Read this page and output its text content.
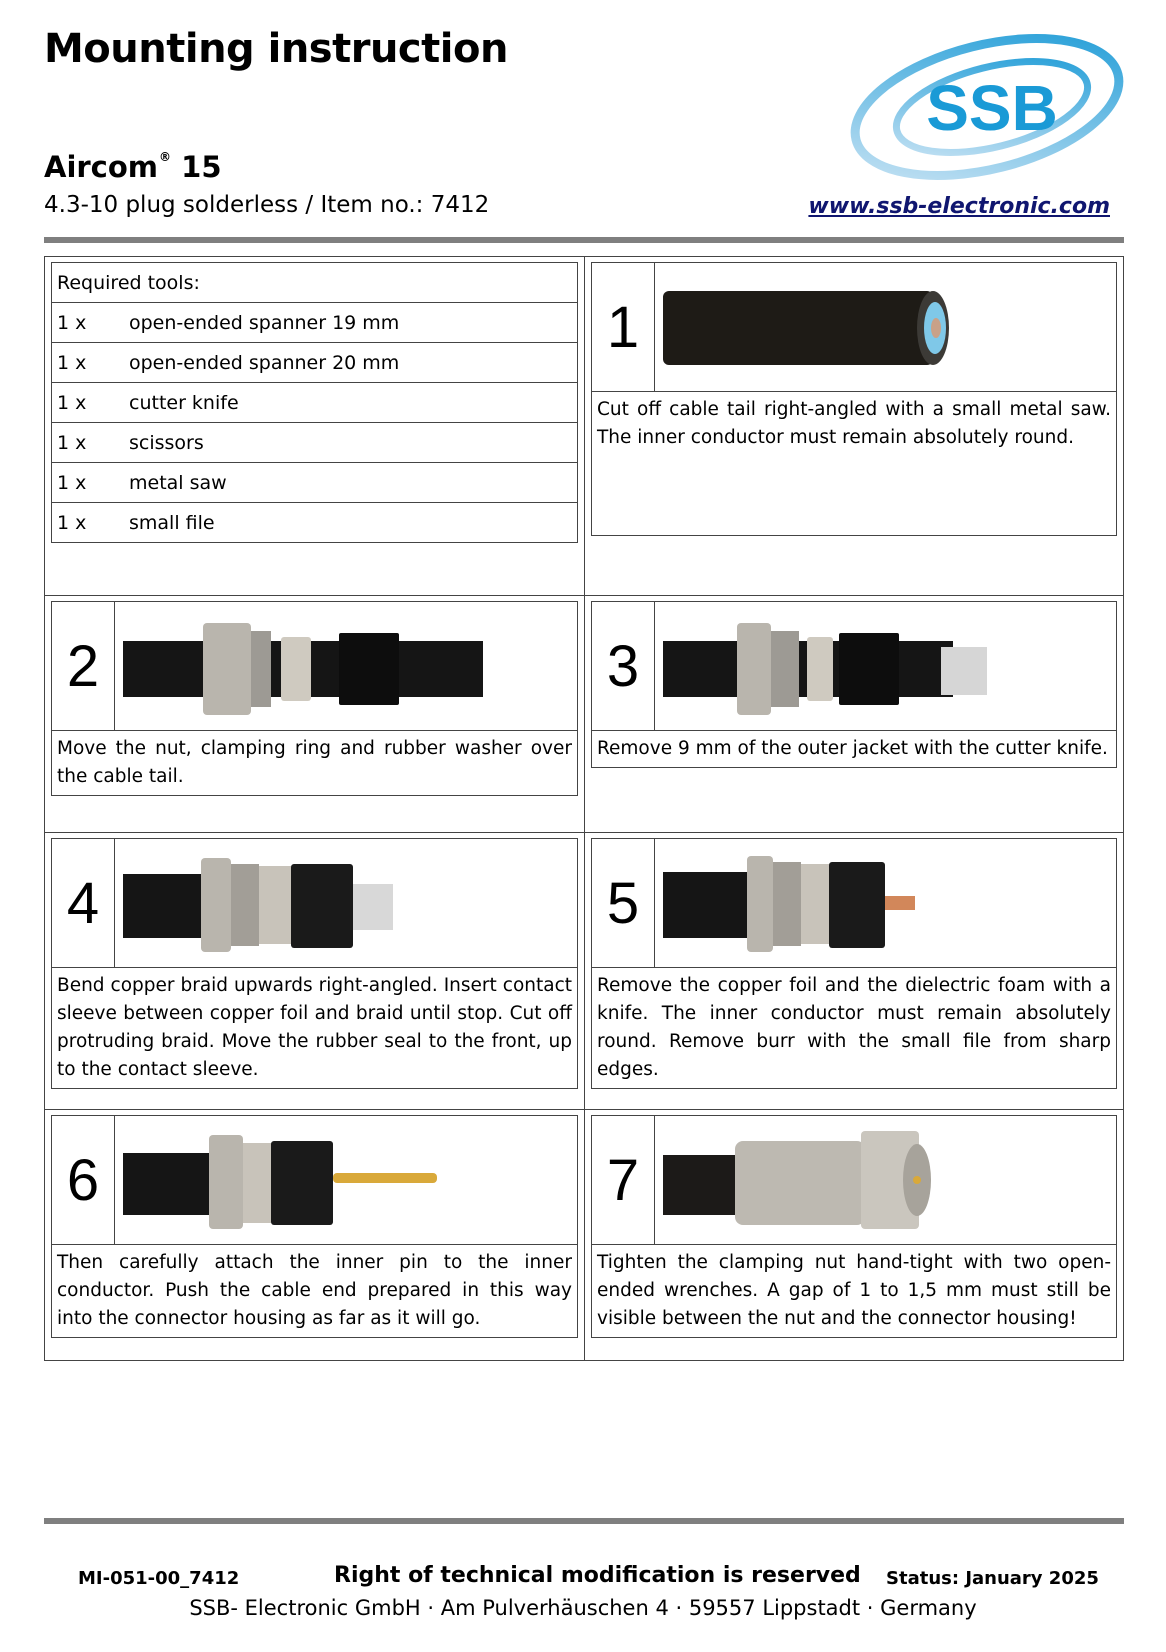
Mounting instruction
Aircom® 15
4.3-10 plug solderless / Item no.: 7412
SSB
www.ssb-electronic.com
Required tools:
1 x	open-ended spanner 19 mm
1 x	open-ended spanner 20 mm
1 x	cutter knife
1 x	scissors
1 x	metal saw
1 x	small file
1
Cut off cable tail right-angled with a small metal saw. The inner conductor must remain absolutely round.
2
Move the nut, clamping ring and rubber washer over the cable tail.
3
Remove 9 mm of the outer jacket with the cutter knife.
4
Bend copper braid upwards right-angled. Insert contact sleeve between copper foil and braid until stop. Cut off protruding braid. Move the rubber seal to the front, up to the contact sleeve.
5
Remove the copper foil and the dielectric foam with a knife. The inner conductor must remain absolutely round. Remove burr with the small file from sharp edges.
6
Then carefully attach the inner pin to the inner conductor. Push the cable end prepared in this way into the connector housing as far as it will go.
7
Tighten the clamping nut hand-tight with two open-ended wrenches. A gap of 1 to 1,5 mm must still be visible between the nut and the connector housing!
MI-051-00_7412	Right of technical modification is reserved Status: January 2025
SSB- Electronic GmbH · Am Pulverhäuschen 4 · 59557 Lippstadt · Germany
